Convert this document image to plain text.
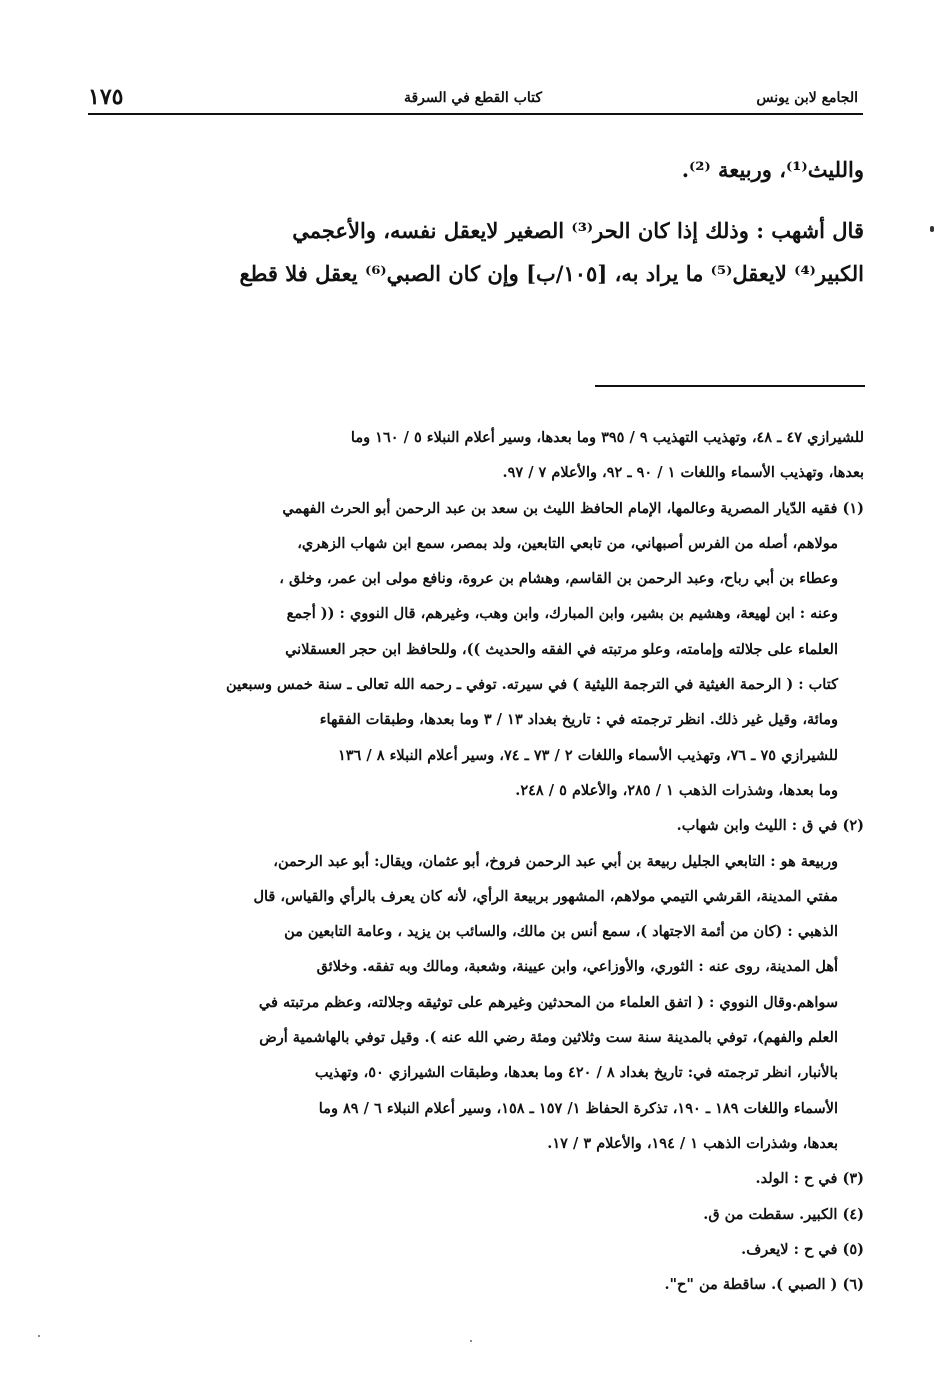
الجامع لابن يونس
كتاب القطع في السرقة
١٧٥

والليث⁽¹⁾، وربيعة ⁽²⁾.

قال أشهب : وذلك إذا كان الحر⁽³⁾ الصغير لايعقل نفسه، والأعجمي

الكبير⁽⁴⁾ لايعقل⁽⁵⁾ ما يراد به، [١٠٥/ب] وإن كان الصبي⁽⁶⁾ يعقل فلا قطع

للشيرازي ٤٧ ـ ٤٨، وتهذيب التهذيب ٩ / ٣٩٥ وما بعدها، وسير أعلام النبلاء ٥ / ١٦٠ وما
بعدها، وتهذيب الأسماء واللغات ١ / ٩٠ ـ ٩٢، والأعلام ٧ / ٩٧.
(١) فقيه الدّيار المصرية وعالمها، الإمام الحافظ الليث بن سعد بن عبد الرحمن أبو الحرث الفهمي
مولاهم، أصله من الفرس أصبهاني، من تابعي التابعين، ولد بمصر، سمع ابن شهاب الزهري،
وعطاء بن أبي رباح، وعبد الرحمن بن القاسم، وهشام بن عروة، ونافع مولى ابن عمر، وخلق ،
وعنه : ابن لهيعة، وهشيم بن بشير، وابن المبارك، وابن وهب، وغيرهم، قال النووي : (( أجمع
العلماء على جلالته وإمامته، وعلو مرتبته في الفقه والحديث ))، وللحافظ ابن حجر العسقلاني
كتاب : ( الرحمة الغيثية في الترجمة الليثية ) في سيرته. توفي ـ رحمه الله تعالى ـ سنة خمس وسبعين
ومائة، وقيل غير ذلك. انظر ترجمته في : تاريخ بغداد ١٣ / ٣ وما بعدها، وطبقات الفقهاء
للشيرازي ٧٥ ـ ٧٦، وتهذيب الأسماء واللغات ٢ / ٧٣ ـ ٧٤، وسير أعلام النبلاء ٨ / ١٣٦
وما بعدها، وشذرات الذهب ١ / ٢٨٥، والأعلام ٥ / ٢٤٨.
(٢) في ق : الليث وابن شهاب.
وربيعة هو : التابعي الجليل ربيعة بن أبي عبد الرحمن فروخ، أبو عثمان، ويقال: أبو عبد الرحمن،
مفتي المدينة، القرشي التيمي مولاهم، المشهور بربيعة الرأي، لأنه كان يعرف بالرأي والقياس، قال
الذهبي : (كان من أئمة الاجتهاد )، سمع أنس بن مالك، والسائب بن يزيد ، وعامة التابعين من
أهل المدينة، روى عنه : الثوري، والأوزاعي، وابن عيينة، وشعبة، ومالك وبه تفقه. وخلائق
سواهم.وقال النووي : ( اتفق العلماء من المحدثين وغيرهم على توثيقه وجلالته، وعظم مرتبته في
العلم والفهم)، توفي بالمدينة سنة ست وثلاثين ومئة رضي الله عنه ). وقيل توفي بالهاشمية أرض
بالأنبار، انظر ترجمته في: تاريخ بغداد ٨ / ٤٢٠ وما بعدها، وطبقات الشيرازي ٥٠، وتهذيب
الأسماء واللغات ١٨٩ ـ ١٩٠، تذكرة الحفاظ ١/ ١٥٧ ـ ١٥٨، وسير أعلام النبلاء ٦ / ٨٩ وما
بعدها، وشذرات الذهب ١ / ١٩٤، والأعلام ٣ / ١٧.
(٣) في ح : الولد.
(٤) الكبير. سقطت من ق.
(٥) في ح : لايعرف.
(٦) ( الصبي ). ساقطة من "ح".
